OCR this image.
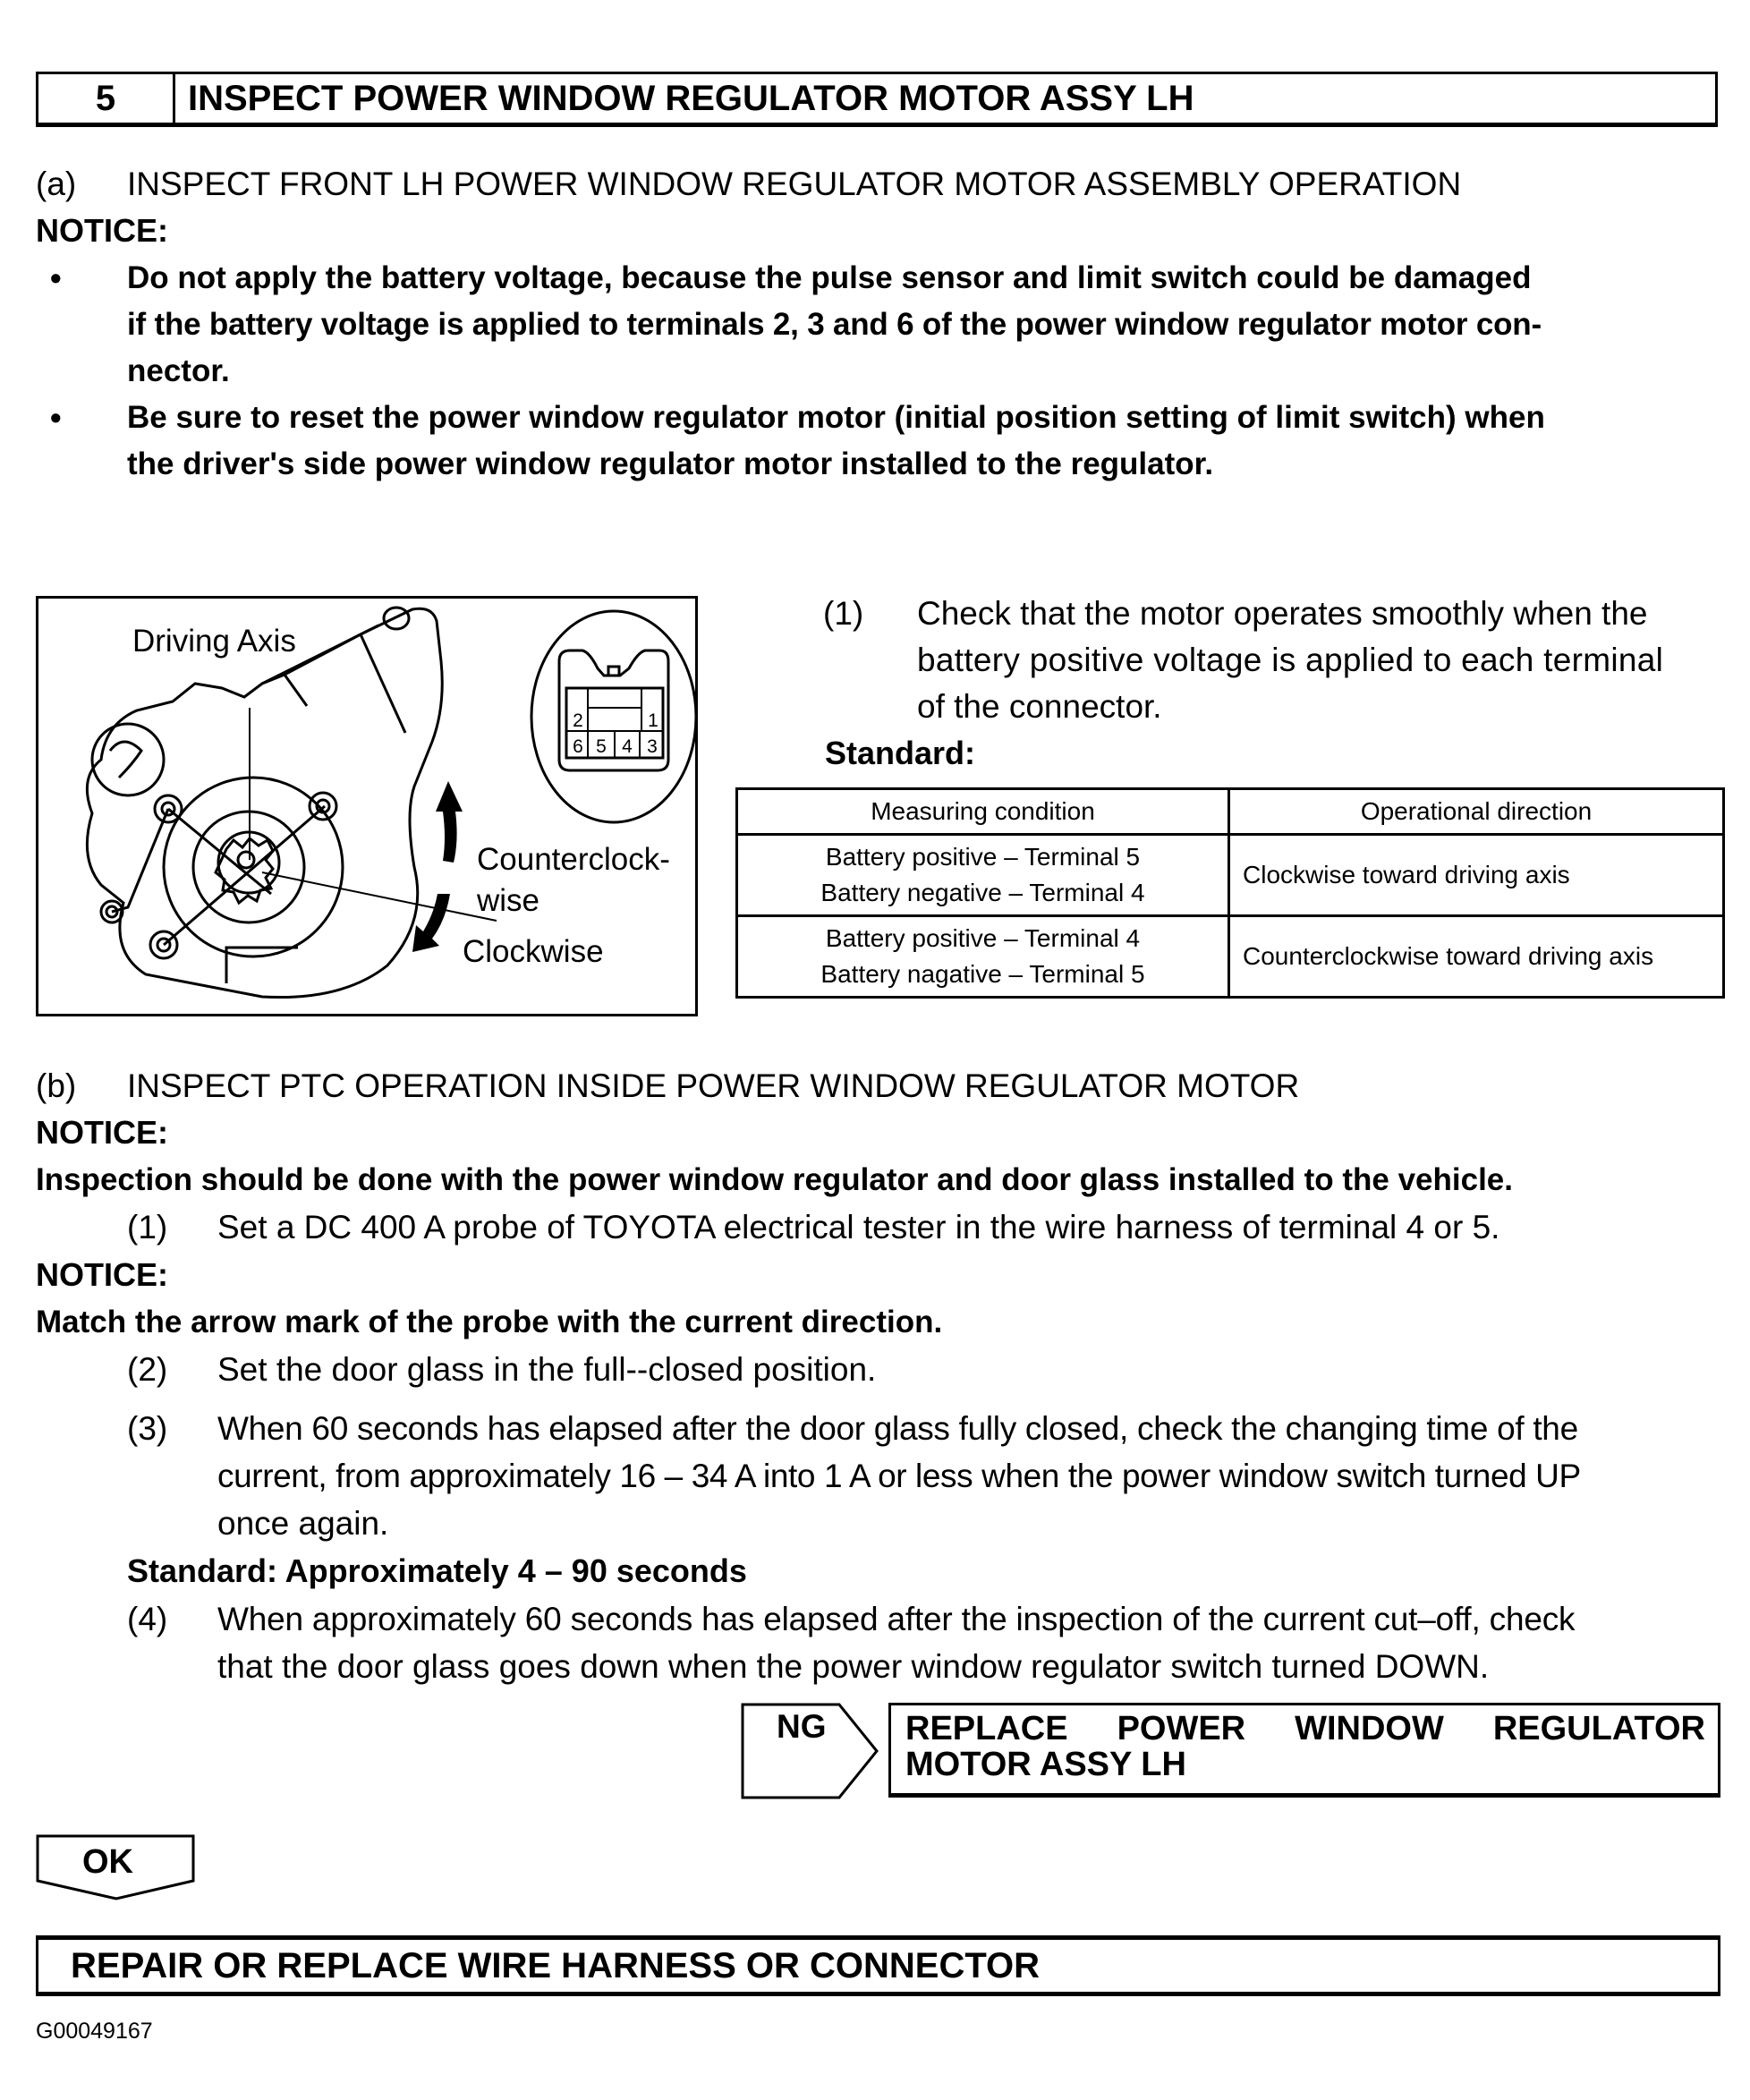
5	INSPECT POWER WINDOW REGULATOR MOTOR ASSY LH
(a) INSPECT FRONT LH POWER WINDOW REGULATOR MOTOR ASSEMBLY OPERATION
NOTICE:
• Do not apply the battery voltage, because the pulse sensor and limit switch could be damaged
if the battery voltage is applied to terminals 2, 3 and 6 of the power window regulator motor con-
nector.
• Be sure to reset the power window regulator motor (initial position setting of limit switch) when
the driver's side power window regulator motor installed to the regulator.
2	1
6 5 4 3
Driving Axis
Counterclock-
wise
Clockwise
(1) Check that the motor operates smoothly when the
battery positive voltage is applied to each terminal
of the connector.
Standard:
Measuring condition	Operational direction

Battery positive – Terminal 5
Battery negative – Terminal 4	Clockwise toward driving axis

Battery positive – Terminal 4
Battery nagative – Terminal 5	Counterclockwise toward driving axis
(b) INSPECT PTC OPERATION INSIDE POWER WINDOW REGULATOR MOTOR
NOTICE:
Inspection should be done with the power window regulator and door glass installed to the vehicle.
(1) Set a DC 400 A probe of TOYOTA electrical tester in the wire harness of terminal 4 or 5.
NOTICE:
Match the arrow mark of the probe with the current direction.
(2) Set the door glass in the full--closed position.
(3) When 60 seconds has elapsed after the door glass fully closed, check the changing time of the
current, from approximately 16 – 34 A into 1 A or less when the power window switch turned UP
once again.
Standard: Approximately 4 – 90 seconds
(4) When approximately 60 seconds has elapsed after the inspection of the current cut–off, check
that the door glass goes down when the power window regulator switch turned DOWN.
NG REPLACE POWER WINDOW REGULATOR
MOTOR ASSY LH
OK
REPAIR OR REPLACE WIRE HARNESS OR CONNECTOR
G00049167
